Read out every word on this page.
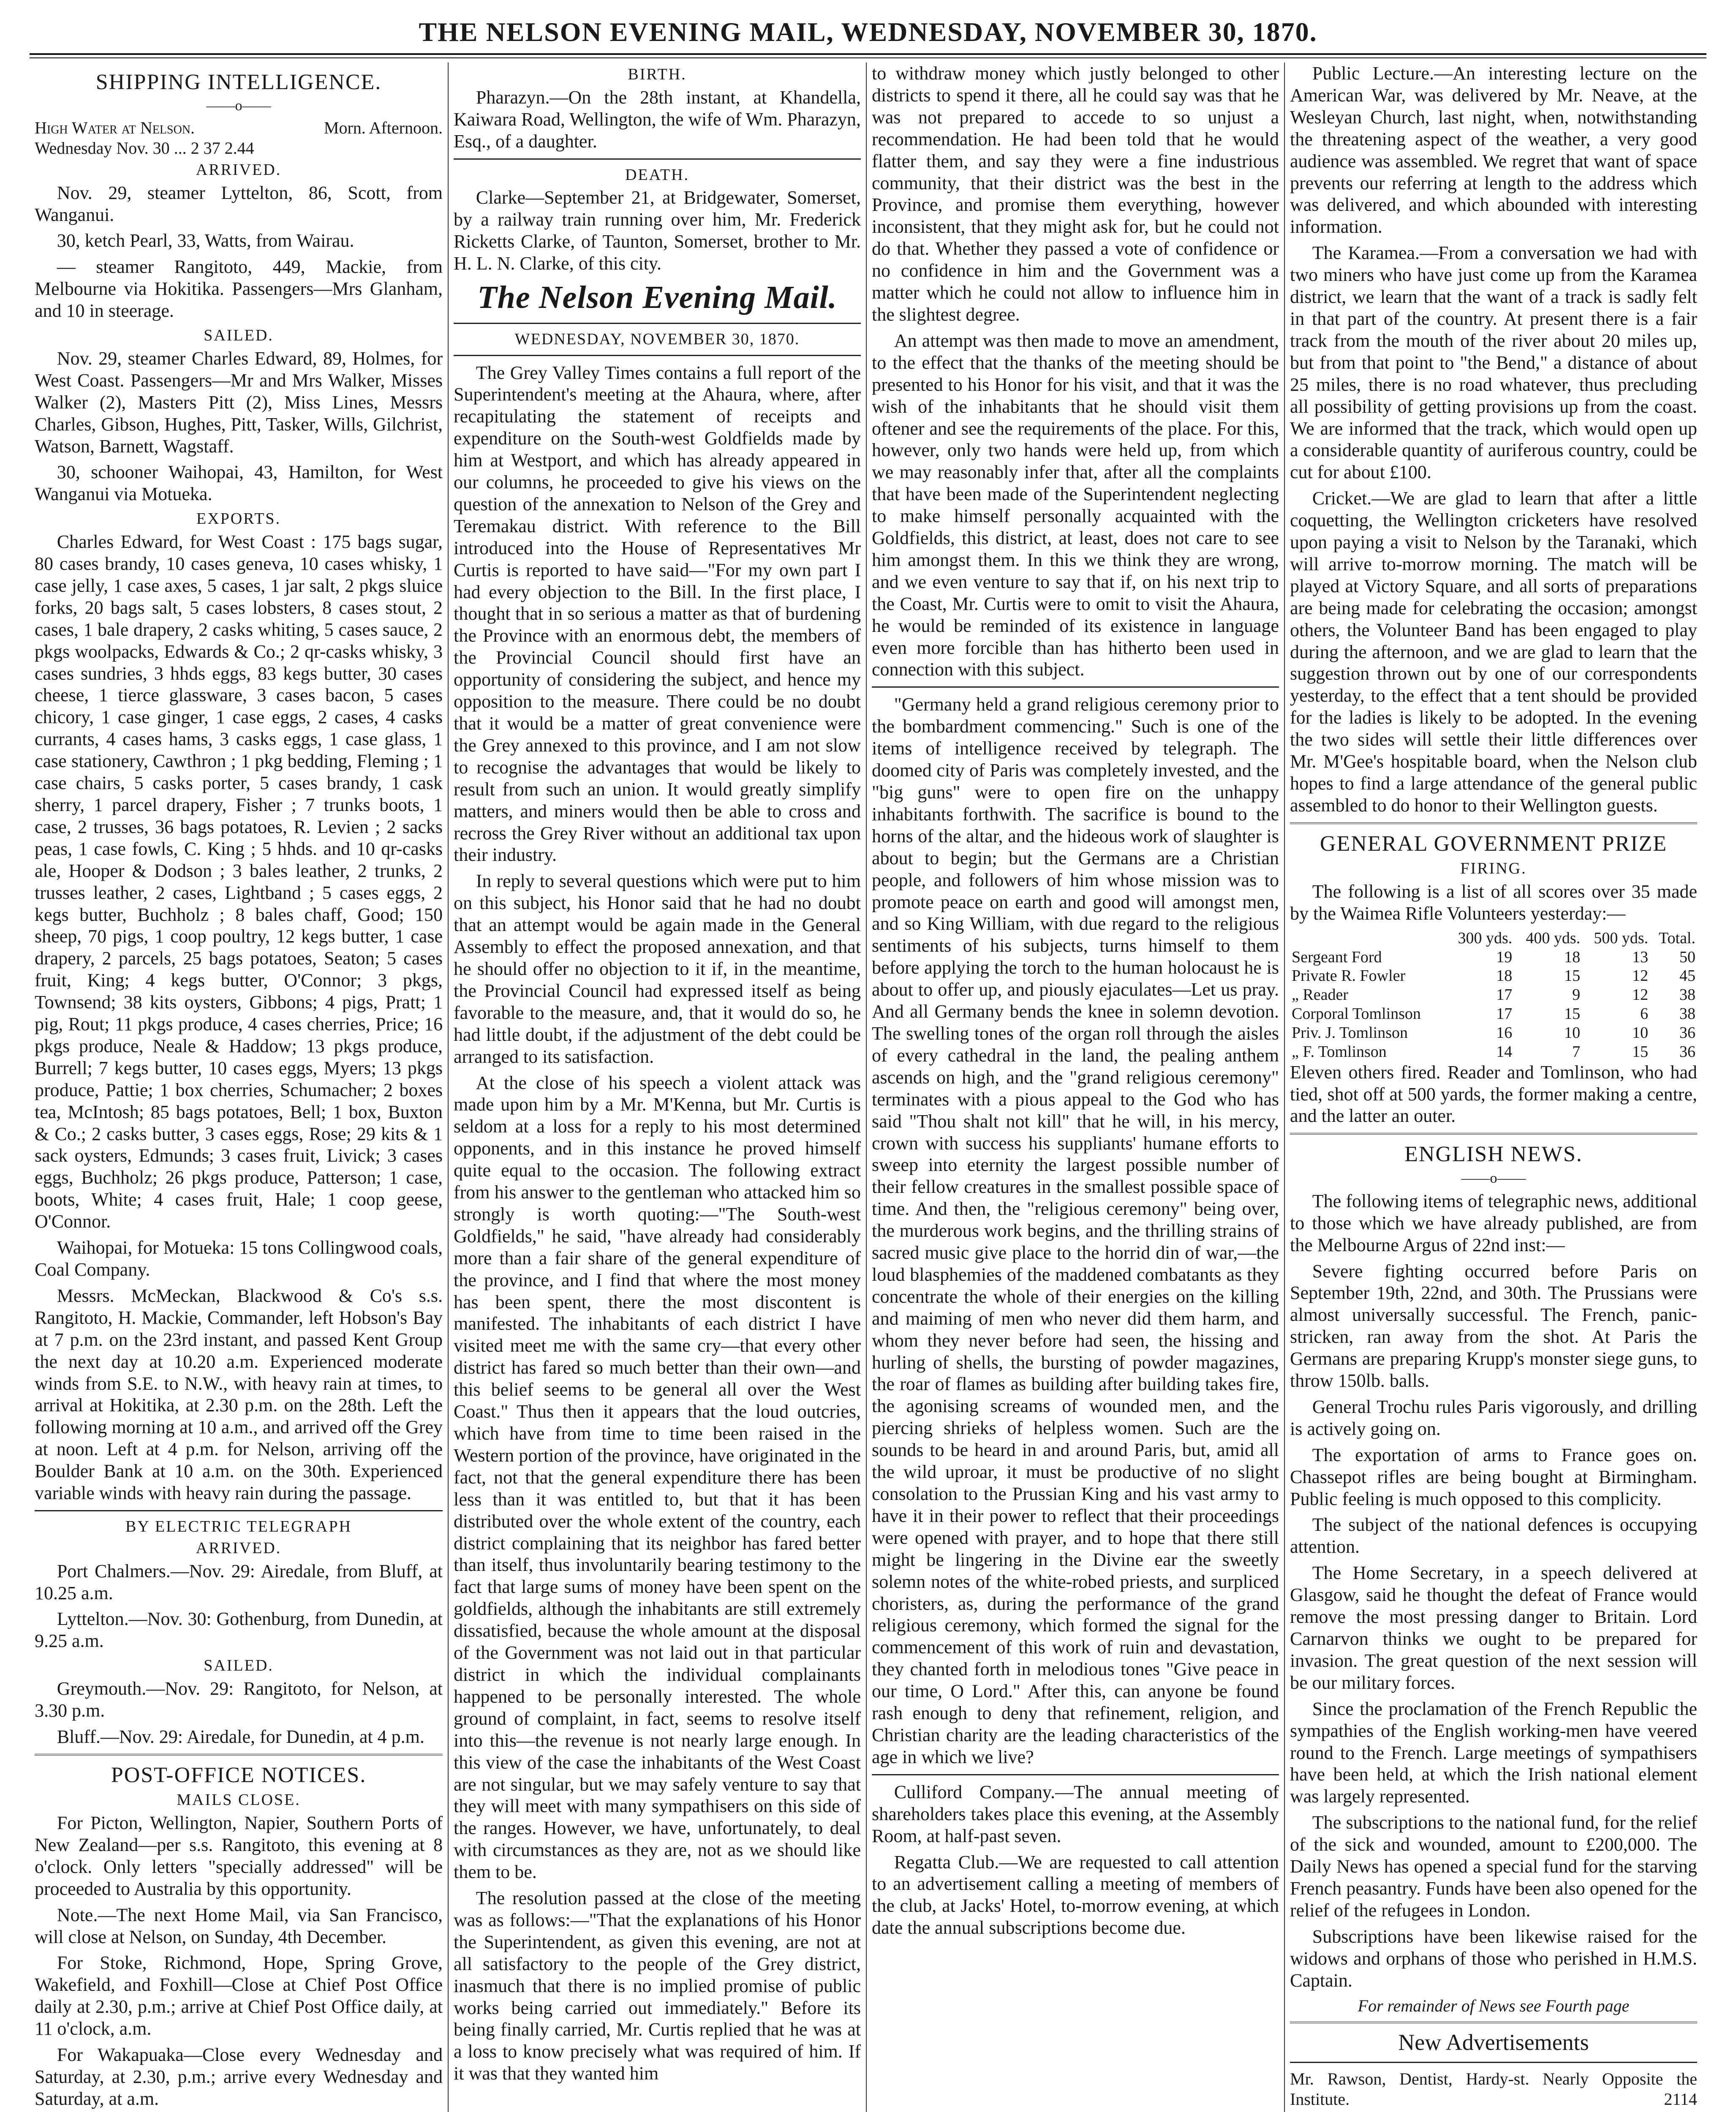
THE NELSON EVENING MAIL, WEDNESDAY, NOVEMBER 30, 1870.
SHIPPING INTELLIGENCE.
——o——
High Water at Nelson.	Morn. Afternoon.
Wednesday Nov. 30 ... 2 37 2.44
ARRIVED.

Nov. 29, steamer Lyttelton, 86, Scott, from Wanganui.

30, ketch Pearl, 33, Watts, from Wairau.

— steamer Rangitoto, 449, Mackie, from Melbourne via Hokitika. Passengers—Mrs Glanham, and 10 in steerage.

SAILED.

Nov. 29, steamer Charles Edward, 89, Holmes, for West Coast. Passengers—Mr and Mrs Walker, Misses Walker (2), Masters Pitt (2), Miss Lines, Messrs Charles, Gibson, Hughes, Pitt, Tasker, Wills, Gilchrist, Watson, Barnett, Wagstaff.

30, schooner Waihopai, 43, Hamilton, for West Wanganui via Motueka.

EXPORTS.

Charles Edward, for West Coast : 175 bags sugar, 80 cases brandy, 10 cases geneva, 10 cases whisky, 1 case jelly, 1 case axes, 5 cases, 1 jar salt, 2 pkgs sluice forks, 20 bags salt, 5 cases lobsters, 8 cases stout, 2 cases, 1 bale drapery, 2 casks whiting, 5 cases sauce, 2 pkgs woolpacks, Edwards & Co.; 2 qr-casks whisky, 3 cases sundries, 3 hhds eggs, 83 kegs butter, 30 cases cheese, 1 tierce glassware, 3 cases bacon, 5 cases chicory, 1 case ginger, 1 case eggs, 2 cases, 4 casks currants, 4 cases hams, 3 casks eggs, 1 case glass, 1 case stationery, Cawthron ; 1 pkg bedding, Fleming ; 1 case chairs, 5 casks porter, 5 cases brandy, 1 cask sherry, 1 parcel drapery, Fisher ; 7 trunks boots, 1 case, 2 trusses, 36 bags potatoes, R. Levien ; 2 sacks peas, 1 case fowls, C. King ; 5 hhds. and 10 qr-casks ale, Hooper & Dodson ; 3 bales leather, 2 trunks, 2 trusses leather, 2 cases, Lightband ; 5 cases eggs, 2 kegs butter, Buchholz ; 8 bales chaff, Good; 150 sheep, 70 pigs, 1 coop poultry, 12 kegs butter, 1 case drapery, 2 parcels, 25 bags potatoes, Seaton; 5 cases fruit, King; 4 kegs butter, O'Connor; 3 pkgs, Townsend; 38 kits oysters, Gibbons; 4 pigs, Pratt; 1 pig, Rout; 11 pkgs produce, 4 cases cherries, Price; 16 pkgs produce, Neale & Haddow; 13 pkgs produce, Burrell; 7 kegs butter, 10 cases eggs, Myers; 13 pkgs produce, Pattie; 1 box cherries, Schumacher; 2 boxes tea, McIntosh; 85 bags potatoes, Bell; 1 box, Buxton & Co.; 2 casks butter, 3 cases eggs, Rose; 29 kits & 1 sack oysters, Edmunds; 3 cases fruit, Livick; 3 cases eggs, Buchholz; 26 pkgs produce, Patterson; 1 case, boots, White; 4 cases fruit, Hale; 1 coop geese, O'Connor.

Waihopai, for Motueka: 15 tons Collingwood coals, Coal Company.

Messrs. McMeckan, Blackwood & Co's s.s. Rangitoto, H. Mackie, Commander, left Hobson's Bay at 7 p.m. on the 23rd instant, and passed Kent Group the next day at 10.20 a.m. Experienced moderate winds from S.E. to N.W., with heavy rain at times, to arrival at Hokitika, at 2.30 p.m. on the 28th. Left the following morning at 10 a.m., and arrived off the Grey at noon. Left at 4 p.m. for Nelson, arriving off the Boulder Bank at 10 a.m. on the 30th. Experienced variable winds with heavy rain during the passage.

BY ELECTRIC TELEGRAPH
ARRIVED.

Port Chalmers.—Nov. 29: Airedale, from Bluff, at 10.25 a.m.

Lyttelton.—Nov. 30: Gothenburg, from Dunedin, at 9.25 a.m.

SAILED.

Greymouth.—Nov. 29: Rangitoto, for Nelson, at 3.30 p.m.

Bluff.—Nov. 29: Airedale, for Dunedin, at 4 p.m.

POST-OFFICE NOTICES.
MAILS CLOSE.

For Picton, Wellington, Napier, Southern Ports of New Zealand—per s.s. Rangitoto, this evening at 8 o'clock. Only letters "specially addressed" will be proceeded to Australia by this opportunity.

Note.—The next Home Mail, via San Francisco, will close at Nelson, on Sunday, 4th December.

For Stoke, Richmond, Hope, Spring Grove, Wakefield, and Foxhill—Close at Chief Post Office daily at 2.30, p.m.; arrive at Chief Post Office daily, at 11 o'clock, a.m.

For Wakapuaka—Close every Wednesday and Saturday, at 2.30, p.m.; arrive every Wednesday and Saturday, at a.m.

BIRTH.

Pharazyn.—On the 28th instant, at Khandella, Kaiwara Road, Wellington, the wife of Wm. Pharazyn, Esq., of a daughter.

DEATH.

Clarke—September 21, at Bridgewater, Somerset, by a railway train running over him, Mr. Frederick Ricketts Clarke, of Taunton, Somerset, brother to Mr. H. L. N. Clarke, of this city.

The Nelson Evening Mail.
WEDNESDAY, NOVEMBER 30, 1870.

The Grey Valley Times contains a full report of the Superintendent's meeting at the Ahaura, where, after recapitulating the statement of receipts and expenditure on the South-west Goldfields made by him at Westport, and which has already appeared in our columns, he proceeded to give his views on the question of the annexation to Nelson of the Grey and Teremakau district. With reference to the Bill introduced into the House of Representatives Mr Curtis is reported to have said—"For my own part I had every objection to the Bill. In the first place, I thought that in so serious a matter as that of burdening the Province with an enormous debt, the members of the Provincial Council should first have an opportunity of considering the subject, and hence my opposition to the measure. There could be no doubt that it would be a matter of great convenience were the Grey annexed to this province, and I am not slow to recognise the advantages that would be likely to result from such an union. It would greatly simplify matters, and miners would then be able to cross and recross the Grey River without an additional tax upon their industry.

In reply to several questions which were put to him on this subject, his Honor said that he had no doubt that an attempt would be again made in the General Assembly to effect the proposed annexation, and that he should offer no objection to it if, in the meantime, the Provincial Council had expressed itself as being favorable to the measure, and, that it would do so, he had little doubt, if the adjustment of the debt could be arranged to its satisfaction.

At the close of his speech a violent attack was made upon him by a Mr. M'Kenna, but Mr. Curtis is seldom at a loss for a reply to his most determined opponents, and in this instance he proved himself quite equal to the occasion. The following extract from his answer to the gentleman who attacked him so strongly is worth quoting:—"The South-west Goldfields," he said, "have already had considerably more than a fair share of the general expenditure of the province, and I find that where the most money has been spent, there the most discontent is manifested. The inhabitants of each district I have visited meet me with the same cry—that every other district has fared so much better than their own—and this belief seems to be general all over the West Coast." Thus then it appears that the loud outcries, which have from time to time been raised in the Western portion of the province, have originated in the fact, not that the general expenditure there has been less than it was entitled to, but that it has been distributed over the whole extent of the country, each district complaining that its neighbor has fared better than itself, thus involuntarily bearing testimony to the fact that large sums of money have been spent on the goldfields, although the inhabitants are still extremely dissatisfied, because the whole amount at the disposal of the Government was not laid out in that particular district in which the individual complainants happened to be personally interested. The whole ground of complaint, in fact, seems to resolve itself into this—the revenue is not nearly large enough. In this view of the case the inhabitants of the West Coast are not singular, but we may safely venture to say that they will meet with many sympathisers on this side of the ranges. However, we have, unfortunately, to deal with circumstances as they are, not as we should like them to be.

The resolution passed at the close of the meeting was as follows:—"That the explanations of his Honor the Superintendent, as given this evening, are not at all satisfactory to the people of the Grey district, inasmuch that there is no implied promise of public works being carried out immediately." Before its being finally carried, Mr. Curtis replied that he was at a loss to know precisely what was required of him. If it was that they wanted him

to withdraw money which justly belonged to other districts to spend it there, all he could say was that he was not prepared to accede to so unjust a recommendation. He had been told that he would flatter them, and say they were a fine industrious community, that their district was the best in the Province, and promise them everything, however inconsistent, that they might ask for, but he could not do that. Whether they passed a vote of confidence or no confidence in him and the Government was a matter which he could not allow to influence him in the slightest degree.

An attempt was then made to move an amendment, to the effect that the thanks of the meeting should be presented to his Honor for his visit, and that it was the wish of the inhabitants that he should visit them oftener and see the requirements of the place. For this, however, only two hands were held up, from which we may reasonably infer that, after all the complaints that have been made of the Superintendent neglecting to make himself personally acquainted with the Goldfields, this district, at least, does not care to see him amongst them. In this we think they are wrong, and we even venture to say that if, on his next trip to the Coast, Mr. Curtis were to omit to visit the Ahaura, he would be reminded of its existence in language even more forcible than has hitherto been used in connection with this subject.

"Germany held a grand religious ceremony prior to the bombardment commencing." Such is one of the items of intelligence received by telegraph. The doomed city of Paris was completely invested, and the "big guns" were to open fire on the unhappy inhabitants forthwith. The sacrifice is bound to the horns of the altar, and the hideous work of slaughter is about to begin; but the Germans are a Christian people, and followers of him whose mission was to promote peace on earth and good will amongst men, and so King William, with due regard to the religious sentiments of his subjects, turns himself to them before applying the torch to the human holocaust he is about to offer up, and piously ejaculates—Let us pray. And all Germany bends the knee in solemn devotion. The swelling tones of the organ roll through the aisles of every cathedral in the land, the pealing anthem ascends on high, and the "grand religious ceremony" terminates with a pious appeal to the God who has said "Thou shalt not kill" that he will, in his mercy, crown with success his suppliants' humane efforts to sweep into eternity the largest possible number of their fellow creatures in the smallest possible space of time. And then, the "religious ceremony" being over, the murderous work begins, and the thrilling strains of sacred music give place to the horrid din of war,—the loud blasphemies of the maddened combatants as they concentrate the whole of their energies on the killing and maiming of men who never did them harm, and whom they never before had seen, the hissing and hurling of shells, the bursting of powder magazines, the roar of flames as building after building takes fire, the agonising screams of wounded men, and the piercing shrieks of helpless women. Such are the sounds to be heard in and around Paris, but, amid all the wild uproar, it must be productive of no slight consolation to the Prussian King and his vast army to have it in their power to reflect that their proceedings were opened with prayer, and to hope that there still might be lingering in the Divine ear the sweetly solemn notes of the white-robed priests, and surpliced choristers, as, during the performance of the grand religious ceremony, which formed the signal for the commencement of this work of ruin and devastation, they chanted forth in melodious tones "Give peace in our time, O Lord." After this, can anyone be found rash enough to deny that refinement, religion, and Christian charity are the leading characteristics of the age in which we live?

Culliford Company.—The annual meeting of shareholders takes place this evening, at the Assembly Room, at half-past seven.

Regatta Club.—We are requested to call attention to an advertisement calling a meeting of members of the club, at Jacks' Hotel, to-morrow evening, at which date the annual subscriptions become due.

Public Lecture.—An interesting lecture on the American War, was delivered by Mr. Neave, at the Wesleyan Church, last night, when, notwithstanding the threatening aspect of the weather, a very good audience was assembled. We regret that want of space prevents our referring at length to the address which was delivered, and which abounded with interesting information.

The Karamea.—From a conversation we had with two miners who have just come up from the Karamea district, we learn that the want of a track is sadly felt in that part of the country. At present there is a fair track from the mouth of the river about 20 miles up, but from that point to "the Bend," a distance of about 25 miles, there is no road whatever, thus precluding all possibility of getting provisions up from the coast. We are informed that the track, which would open up a considerable quantity of auriferous country, could be cut for about £100.

Cricket.—We are glad to learn that after a little coquetting, the Wellington cricketers have resolved upon paying a visit to Nelson by the Taranaki, which will arrive to-morrow morning. The match will be played at Victory Square, and all sorts of preparations are being made for celebrating the occasion; amongst others, the Volunteer Band has been engaged to play during the afternoon, and we are glad to learn that the suggestion thrown out by one of our correspondents yesterday, to the effect that a tent should be provided for the ladies is likely to be adopted. In the evening the two sides will settle their little differences over Mr. M'Gee's hospitable board, when the Nelson club hopes to find a large attendance of the general public assembled to do honor to their Wellington guests.

GENERAL GOVERNMENT PRIZE
FIRING.

The following is a list of all scores over 35 made by the Waimea Rifle Volunteers yesterday:—

	300 yds.	400 yds.	500 yds.	Total.
Sergeant Ford	19	18	13	50
Private R. Fowler	18	15	12	45
„ Reader	17	9	12	38
Corporal Tomlinson	17	15	6	38
Priv. J. Tomlinson	16	10	10	36
„ F. Tomlinson	14	7	15	36

Eleven others fired. Reader and Tomlinson, who had tied, shot off at 500 yards, the former making a centre, and the latter an outer.

ENGLISH NEWS.
——o——

The following items of telegraphic news, additional to those which we have already published, are from the Melbourne Argus of 22nd inst:—

Severe fighting occurred before Paris on September 19th, 22nd, and 30th. The Prussians were almost universally successful. The French, panic-stricken, ran away from the shot. At Paris the Germans are preparing Krupp's monster siege guns, to throw 150lb. balls.

General Trochu rules Paris vigorously, and drilling is actively going on.

The exportation of arms to France goes on. Chassepot rifles are being bought at Birmingham. Public feeling is much opposed to this complicity.

The subject of the national defences is occupying attention.

The Home Secretary, in a speech delivered at Glasgow, said he thought the defeat of France would remove the most pressing danger to Britain. Lord Carnarvon thinks we ought to be prepared for invasion. The great question of the next session will be our military forces.

Since the proclamation of the French Republic the sympathies of the English working-men have veered round to the French. Large meetings of sympathisers have been held, at which the Irish national element was largely represented.

The subscriptions to the national fund, for the relief of the sick and wounded, amount to £200,000. The Daily News has opened a special fund for the starving French peasantry. Funds have been also opened for the relief of the refugees in London.

Subscriptions have been likewise raised for the widows and orphans of those who perished in H.M.S. Captain.

For remainder of News see Fourth page
New Advertisements
Mr. Rawson, Dentist, Hardy-st. Nearly Opposite the Institute.	2114
